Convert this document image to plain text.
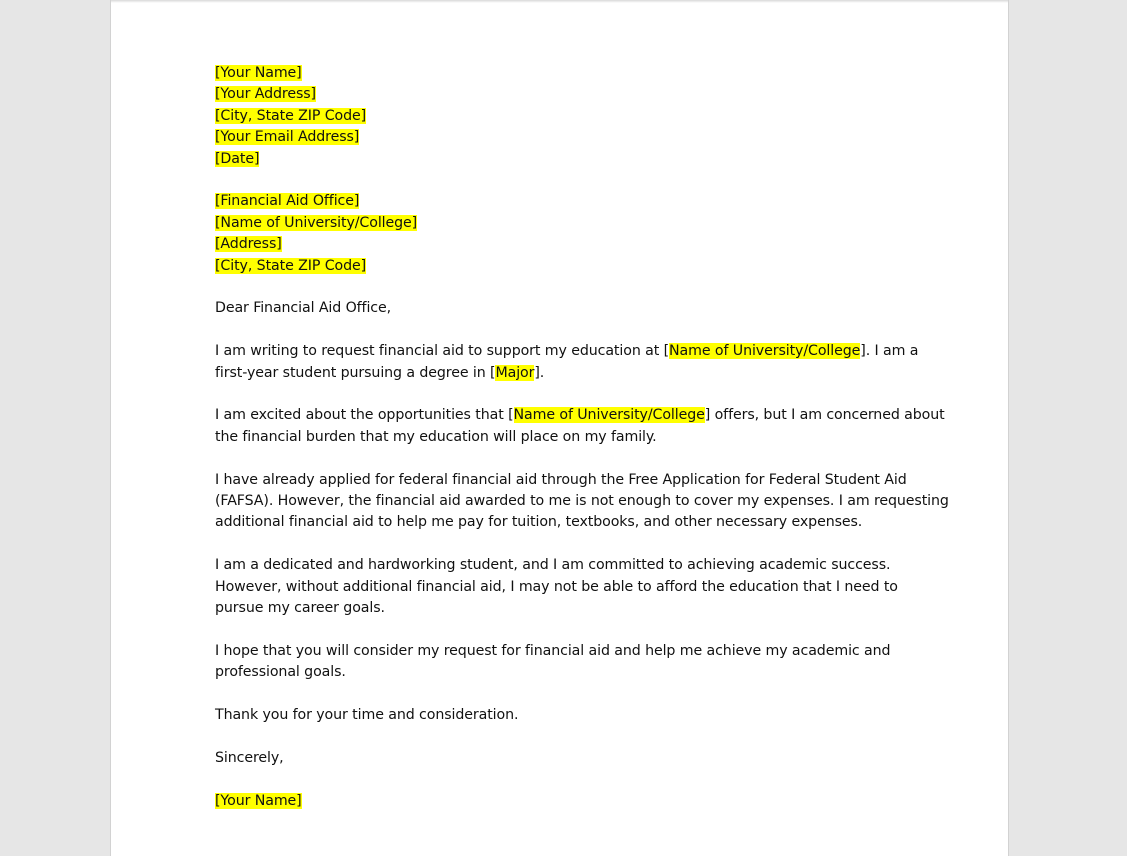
[Your Name]
[Your Address]
[City, State ZIP Code]
[Your Email Address]
[Date]
[Financial Aid Office]
[Name of University/College]
[Address]
[City, State ZIP Code]
Dear Financial Aid Office,
I am writing to request financial aid to support my education at [Name of University/College]. I am a
first-year student pursuing a degree in [Major].
I am excited about the opportunities that [Name of University/College] offers, but I am concerned about
the financial burden that my education will place on my family.
I have already applied for federal financial aid through the Free Application for Federal Student Aid
(FAFSA). However, the financial aid awarded to me is not enough to cover my expenses. I am requesting
additional financial aid to help me pay for tuition, textbooks, and other necessary expenses.
I am a dedicated and hardworking student, and I am committed to achieving academic success.
However, without additional financial aid, I may not be able to afford the education that I need to
pursue my career goals.
I hope that you will consider my request for financial aid and help me achieve my academic and
professional goals.
Thank you for your time and consideration.
Sincerely,
[Your Name]
